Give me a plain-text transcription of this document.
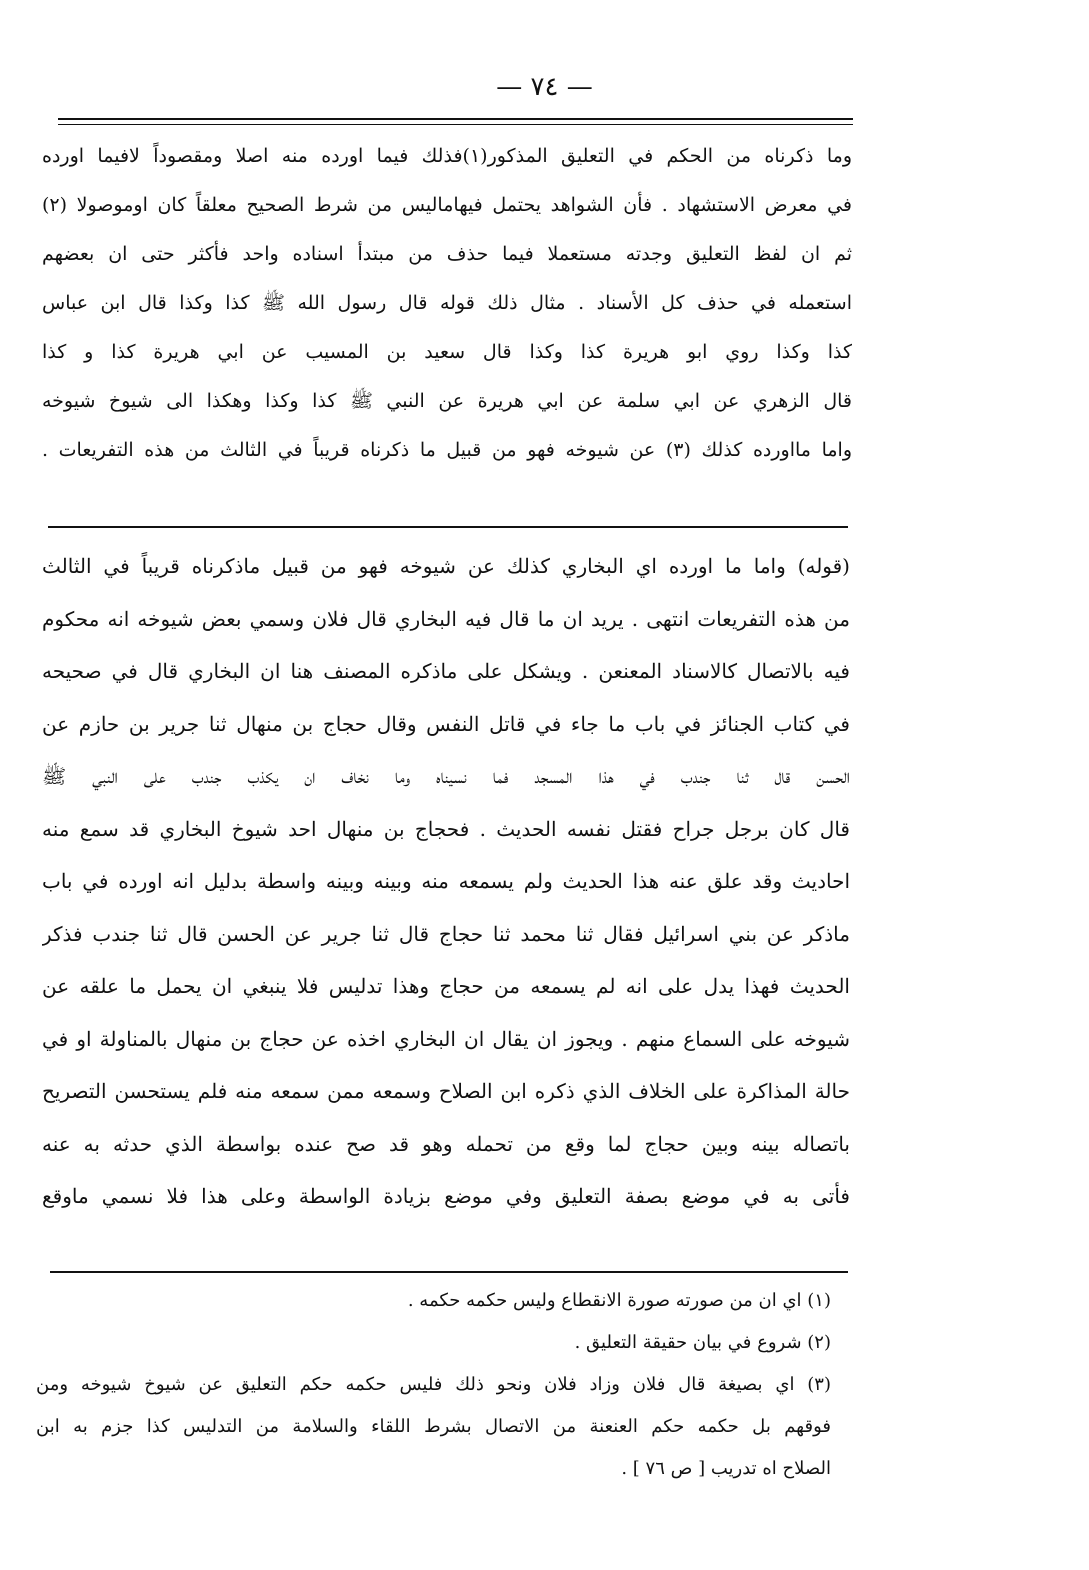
— ٧٤ —
وما ذكرناه من الحكم في التعليق المذكور(١)فذلك فيما اورده منه اصلا ومقصوداً لافيما اورده
في معرض الاستشهاد . فأن الشواهد يحتمل فيهاماليس من شرط الصحيح معلقاً كان اوموصولا (٢)
ثم ان لفظ التعليق وجدته مستعملا فيما حذف من مبتدأ اسناده واحد فأكثر حتى ان بعضهم
استعمله في حذف كل الأسناد . مثال ذلك قوله قال رسول الله ﷺ كذا وكذا قال ابن عباس
كذا وكذا روي ابو هريرة كذا وكذا قال سعيد بن المسيب عن ابي هريرة كذا و كذا
قال الزهري عن ابي سلمة عن ابي هريرة عن النبي ﷺ كذا وكذا وهكذا الى شيوخ شيوخه
واما مااورده كذلك (٣) عن شيوخه فهو من قبيل ما ذكرناه قريباً في الثالث من هذه التفريعات .
(قوله) واما ما اورده اي البخاري كذلك عن شيوخه فهو من قبيل ماذكرناه قريباً في الثالث
من هذه التفريعات انتهى . يريد ان ما قال فيه البخاري قال فلان وسمي بعض شيوخه انه محكوم
فيه بالاتصال كالاسناد المعنعن . ويشكل على ماذكره المصنف هنا ان البخاري قال في صحيحه
في كتاب الجنائز في باب ما جاء في قاتل النفس وقال حجاج بن منهال ثنا جرير بن حازم عن
الحسن قال ثنا جندب في هذا المسجد فما نسيناه وما نخاف ان يكذب جندب على النبي ﷺ
قال كان برجل جراح فقتل نفسه الحديث . فحجاج بن منهال احد شيوخ البخاري قد سمع منه
احاديث وقد علق عنه هذا الحديث ولم يسمعه منه وبينه وبينه واسطة بدليل انه اورده في باب
ماذكر عن بني اسرائيل فقال ثنا محمد ثنا حجاج قال ثنا جرير عن الحسن قال ثنا جندب فذكر
الحديث فهذا يدل على انه لم يسمعه من حجاج وهذا تدليس فلا ينبغي ان يحمل ما علقه عن
شيوخه على السماع منهم . ويجوز ان يقال ان البخاري اخذه عن حجاج بن منهال بالمناولة او في
حالة المذاكرة على الخلاف الذي ذكره ابن الصلاح وسمعه ممن سمعه منه فلم يستحسن التصريح
باتصاله بينه وبين حجاج لما وقع من تحمله وهو قد صح عنده بواسطة الذي حدثه به عنه
فأتى به في موضع بصفة التعليق وفي موضع بزيادة الواسطة وعلى هذا فلا نسمي ماوقع
(١) اي ان من صورته صورة الانقطاع وليس حكمه حكمه .
(٢) شروع في بيان حقيقة التعليق .
(٣) اي بصيغة قال فلان وزاد فلان ونحو ذلك فليس حكمه حكم التعليق عن شيوخ شيوخه ومن
فوقهم بل حكمه حكم العنعنة من الاتصال بشرط اللقاء والسلامة من التدليس كذا جزم به ابن
الصلاح اه تدريب [ ص ٧٦ ] .
